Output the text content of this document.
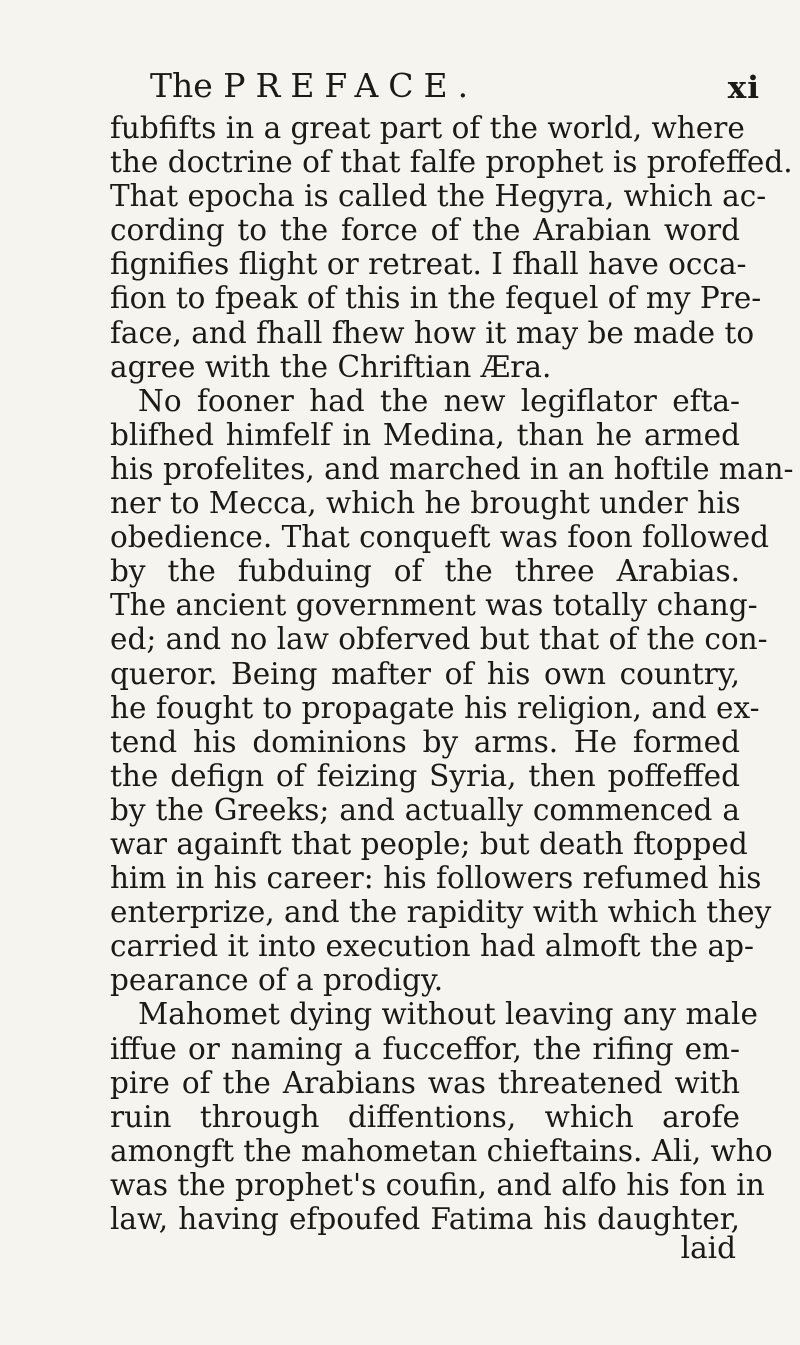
The PREFACE.	xi
fubfifts in a great part of the world, where
the doctrine of that falfe prophet is profeffed.
That epocha is called the Hegyra, which ac-
cording to the force of the Arabian word
fignifies flight or retreat. I fhall have occa-
fion to fpeak of this in the fequel of my Pre-
face, and fhall fhew how it may be made to
agree with the Chriftian Æra.
No fooner had the new legiflator efta-
blifhed himfelf in Medina, than he armed
his profelites, and marched in an hoftile man-
ner to Mecca, which he brought under his
obedience. That conqueft was foon followed
by the fubduing of the three Arabias.
The ancient government was totally chang-
ed; and no law obferved but that of the con-
queror. Being mafter of his own country,
he fought to propagate his religion, and ex-
tend his dominions by arms. He formed
the defign of feizing Syria, then poffeffed
by the Greeks; and actually commenced a
war againft that people; but death ftopped
him in his career: his followers refumed his
enterprize, and the rapidity with which they
carried it into execution had almoft the ap-
pearance of a prodigy.
Mahomet dying without leaving any male
iffue or naming a fucceffor, the rifing em-
pire of the Arabians was threatened with
ruin through diffentions, which arofe
amongft the mahometan chieftains. Ali, who
was the prophet's coufin, and alfo his fon in
law, having efpoufed Fatima his daughter,
laid
